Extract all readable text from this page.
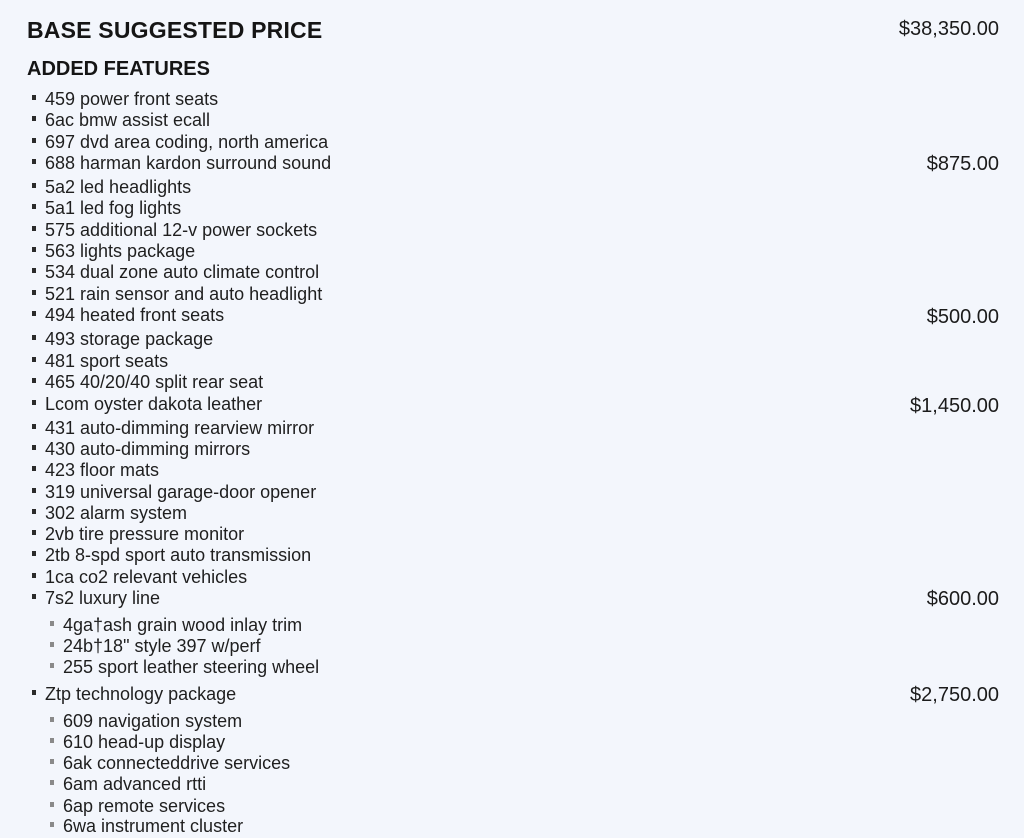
BASE SUGGESTED PRICE	$38,350.00
ADDED FEATURES
459 power front seats
6ac bmw assist ecall
697 dvd area coding, north america
688 harman kardon surround sound	$875.00
5a2 led headlights
5a1 led fog lights
575 additional 12-v power sockets
563 lights package
534 dual zone auto climate control
521 rain sensor and auto headlight
494 heated front seats	$500.00
493 storage package
481 sport seats
465 40/20/40 split rear seat
Lcom oyster dakota leather	$1,450.00
431 auto-dimming rearview mirror
430 auto-dimming mirrors
423 floor mats
319 universal garage-door opener
302 alarm system
2vb tire pressure monitor
2tb 8-spd sport auto transmission
1ca co2 relevant vehicles
7s2 luxury line	$600.00
4ga†ash grain wood inlay trim
24b†18" style 397 w/perf
255 sport leather steering wheel
Ztp technology package	$2,750.00
609 navigation system
610 head-up display
6ak connecteddrive services
6am advanced rtti
6ap remote services
6wa instrument cluster
